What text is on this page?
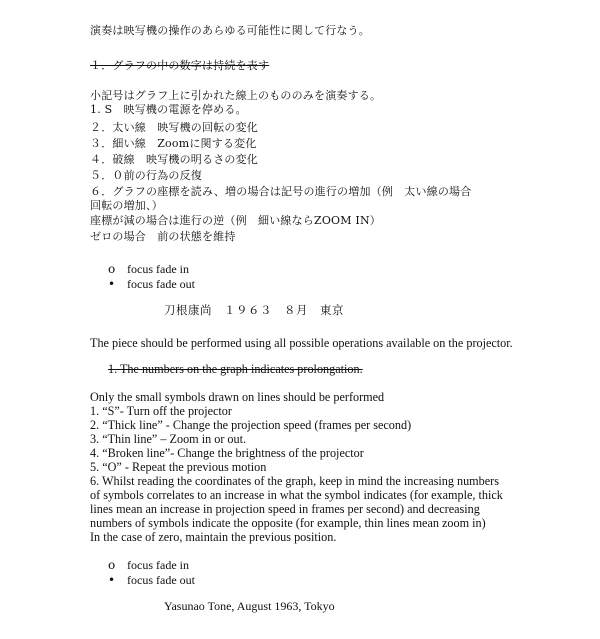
演奏は映写機の操作のあらゆる可能性に関して行なう。
１．グラフの中の数字は持続を表す
小記号はグラフ上に引かれた線上のもののみを演奏する。
1. S　映写機の電源を停める。
２．太い線　映写機の回転の変化
３．細い線　Zoomに関する変化
４．破線　映写機の明るさの変化
５．０前の行為の反復
６．グラフの座標を読み、増の場合は記号の進行の増加（例　太い線の場合
回転の増加、）
座標が減の場合は進行の逆（例　細い線ならZOOM IN）
ゼロの場合　前の状態を維持
o focus fade in
• focus fade out
刀根康尚　１９６３　８月　東京
The piece should be performed using all possible operations available on the projector.
1. The numbers on the graph indicates prolongation.
Only the small symbols drawn on lines should be performed
1. “S”- Turn off the projector
2. “Thick line” - Change the projection speed (frames per second)
3. “Thin line” – Zoom in or out.
4. “Broken line”- Change the brightness of the projector
5. “O” - Repeat the previous motion
6. Whilst reading the coordinates of the graph, keep in mind the increasing numbers
of symbols correlates to an increase in what the symbol indicates (for example, thick
lines mean an increase in projection speed in frames per second) and decreasing
numbers of symbols indicate the opposite (for example, thin lines mean zoom in)
In the case of zero, maintain the previous position.
o focus fade in
• focus fade out
Yasunao Tone, August 1963, Tokyo
